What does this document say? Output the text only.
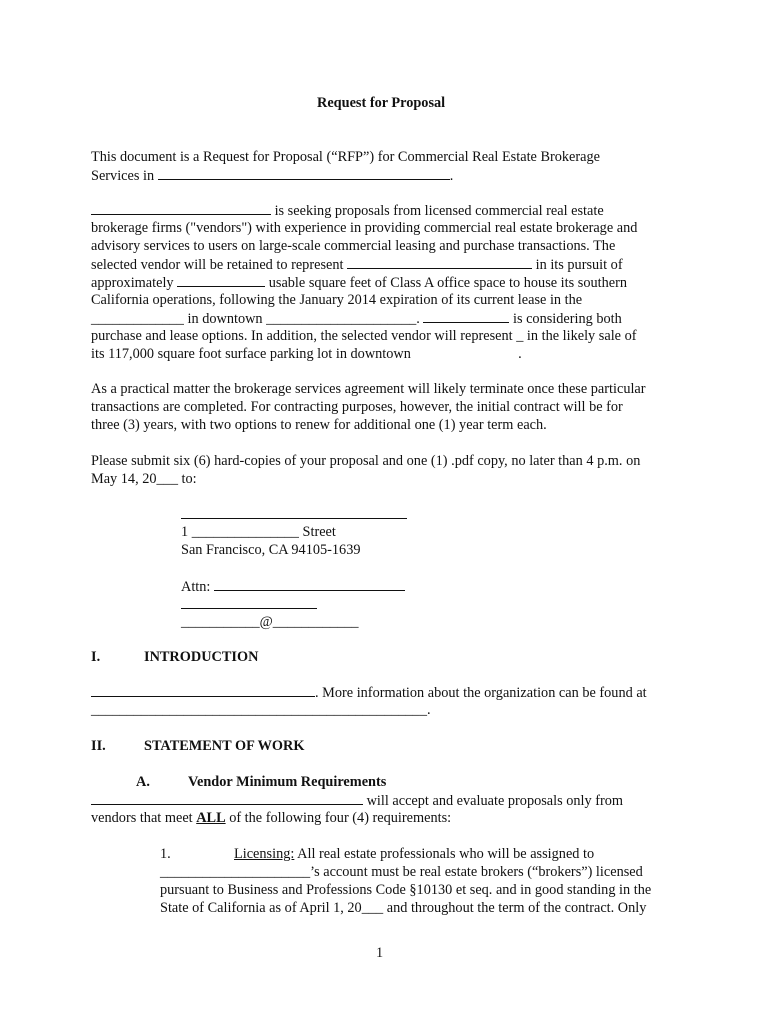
Request for Proposal
This document is a Request for Proposal (“RFP”) for Commercial Real Estate Brokerage
Services in	.
is seeking proposals from licensed commercial real estate
brokerage firms ("vendors") with experience in providing commercial real estate brokerage and
advisory services to users on large-scale commercial leasing and purchase transactions. The
selected vendor will be retained to represent	in its pursuit of
approximately	usable square feet of Class A office space to house its southern
California operations, following the January 2014 expiration of its current lease in the
_____________ in downtown _____________________.	is considering both
purchase and lease options. In addition, the selected vendor will represent _ in the likely sale of
its 117,000 square foot surface parking lot in downtown                              .
As a practical matter the brokerage services agreement will likely terminate once these particular
transactions are completed. For contracting purposes, however, the initial contract will be for
three (3) years, with two options to renew for additional one (1) year term each.
Please submit six (6) hard-copies of your proposal and one (1) .pdf copy, no later than 4 p.m. on
May 14, 20___ to:
1 _______________ Street
San Francisco, CA 94105-1639
Attn:
___________@____________
I.	INTRODUCTION
. More information about the organization can be found at
_______________________________________________.
II.	STATEMENT OF WORK
A.	Vendor Minimum Requirements
will accept and evaluate proposals only from
vendors that meet ALL of the following four (4) requirements:
1.	Licensing: All real estate professionals who will be assigned to
_____________________’s account must be real estate brokers (“brokers”) licensed
pursuant to Business and Professions Code §10130 et seq. and in good standing in the
State of California as of April 1, 20___ and throughout the term of the contract. Only
1
